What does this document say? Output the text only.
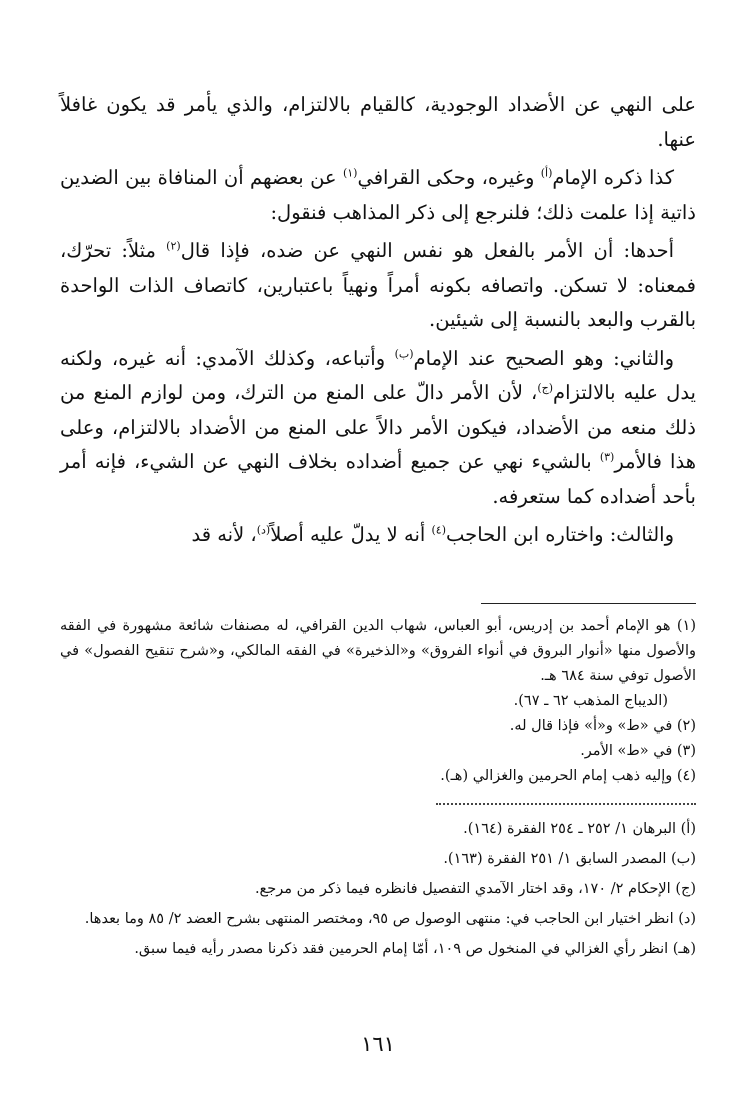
على النهي عن الأضداد الوجودية، كالقيام بالالتزام، والذي يأمر قد يكون غافلاً عنها.

كذا ذكره الإمام$^{(أ)}$ وغيره، وحكى القرافي$^{(١)}$ عن بعضهم أن المنافاة بين الضدين ذاتية إذا علمت ذلك؛ فلنرجع إلى ذكر المذاهب فنقول:

أحدها: أن الأمر بالفعل هو نفس النهي عن ضده، فإذا قال$^{(٢)}$ مثلاً: تحرّك، فمعناه: لا تسكن. واتصافه بكونه أمراً ونهياً باعتبارين، كاتصاف الذات الواحدة بالقرب والبعد بالنسبة إلى شيئين.

والثاني: وهو الصحيح عند الإمام$^{(ب)}$ وأتباعه، وكذلك الآمدي: أنه غيره، ولكنه يدل عليه بالالتزام$^{(ج)}$، لأن الأمر دالّ على المنع من الترك، ومن لوازم المنع من ذلك منعه من الأضداد، فيكون الأمر دالاً على المنع من الأضداد بالالتزام، وعلى هذا فالأمر$^{(٣)}$ بالشيء نهي عن جميع أضداده بخلاف النهي عن الشيء، فإنه أمر بأحد أضداده كما ستعرفه.

والثالث: واختاره ابن الحاجب$^{(٤)}$ أنه لا يدلّ عليه أصلاً$^{(د)}$، لأنه قد

(١) هو الإمام أحمد بن إدريس، أبو العباس، شهاب الدين القرافي، له مصنفات شائعة مشهورة في الفقه والأصول منها «أنوار البروق في أنواء الفروق» و«الذخيرة» في الفقه المالكي، و«شرح تنقيح الفصول» في الأصول توفي سنة ٦٨٤ هـ.

(الديباج المذهب ٦٢ ـ ٦٧).

(٢) في «ط» و«أ» فإذا قال له.

(٣) في «ط» الأمر.

(٤) وإليه ذهب إمام الحرمين والغزالي (هـ).

(أ) البرهان ١/ ٢٥٢ ـ ٢٥٤ الفقرة (١٦٤).

(ب) المصدر السابق ١/ ٢٥١ الفقرة (١٦٣).

(ج) الإحكام ٢/ ١٧٠، وقد اختار الآمدي التفصيل فانظره فيما ذكر من مرجع.

(د) انظر اختيار ابن الحاجب في: منتهى الوصول ص ٩٥، ومختصر المنتهى بشرح العضد ٢/ ٨٥ وما بعدها.

(هـ) انظر رأي الغزالي في المنخول ص ١٠٩، أمّا إمام الحرمين فقد ذكرنا مصدر رأيه فيما سبق.

١٦١
